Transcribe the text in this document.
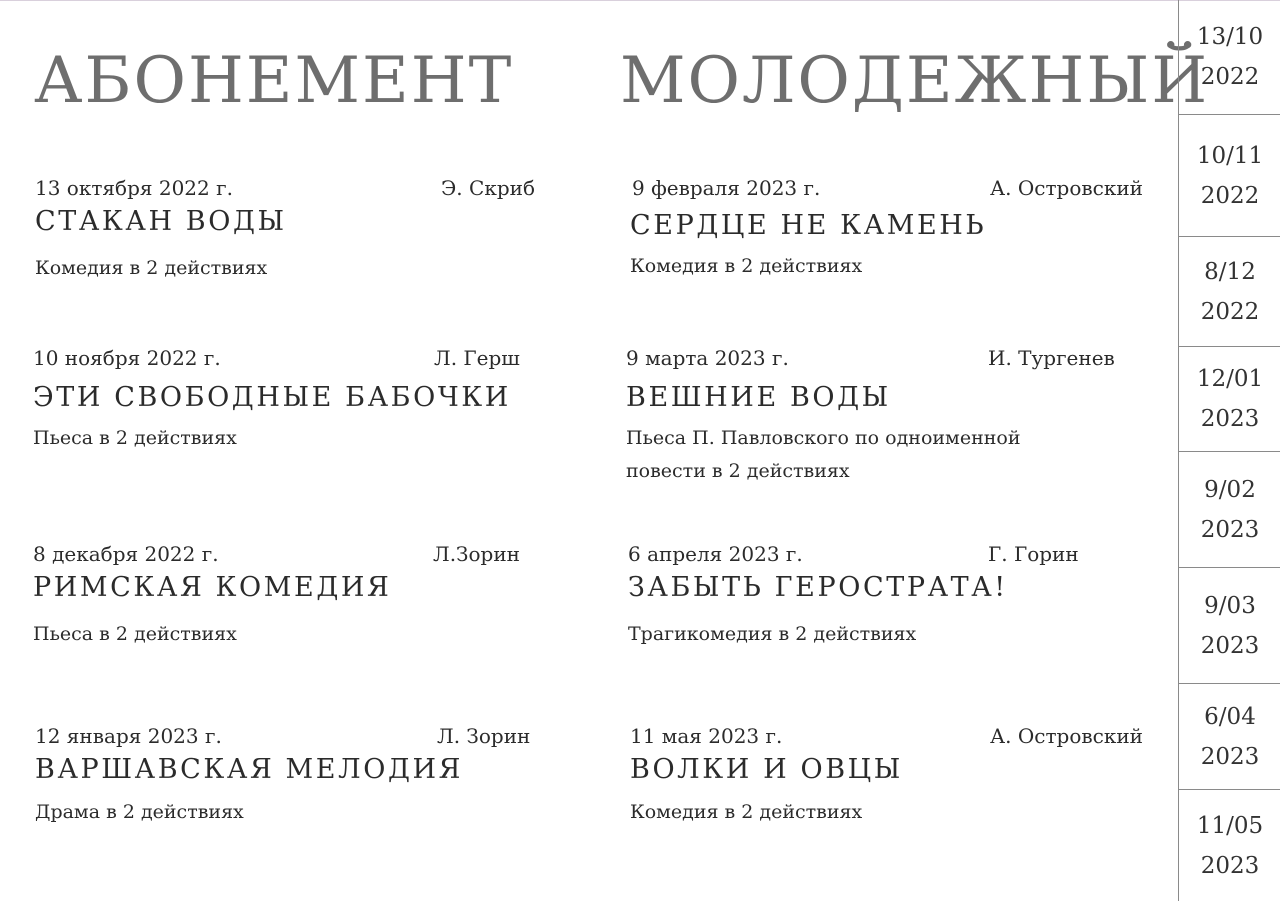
АБОНЕМЕНТ МОЛОДЕЖНЫЙ
13 октября 2022 г.	Э. Скриб
СТАКАН ВОДЫ
Комедия в 2 действиях
9 февраля 2023 г.	А. Островский
СЕРДЦЕ НЕ КАМЕНЬ
Комедия в 2 действиях
10 ноября 2022 г.	Л. Герш
ЭТИ СВОБОДНЫЕ БАБОЧКИ
Пьеса в 2 действиях
9 марта 2023 г.	И. Тургенев
ВЕШНИЕ ВОДЫ
Пьеса П. Павловского по одноименной
повести в 2 действиях
8 декабря 2022 г.	Л.Зорин
РИМСКАЯ КОМЕДИЯ
Пьеса в 2 действиях
6 апреля 2023 г.	Г. Горин
ЗАБЫТЬ ГЕРОСТРАТА!
Трагикомедия в 2 действиях
12 января 2023 г.	Л. Зорин
ВАРШАВСКАЯ МЕЛОДИЯ
Драма в 2 действиях
11 мая 2023 г.	А. Островский
ВОЛКИ И ОВЦЫ
Комедия в 2 действиях
13/10
2022
10/11
2022
8/12
2022
12/01
2023
9/02
2023
9/03
2023
6/04
2023
11/05
2023
